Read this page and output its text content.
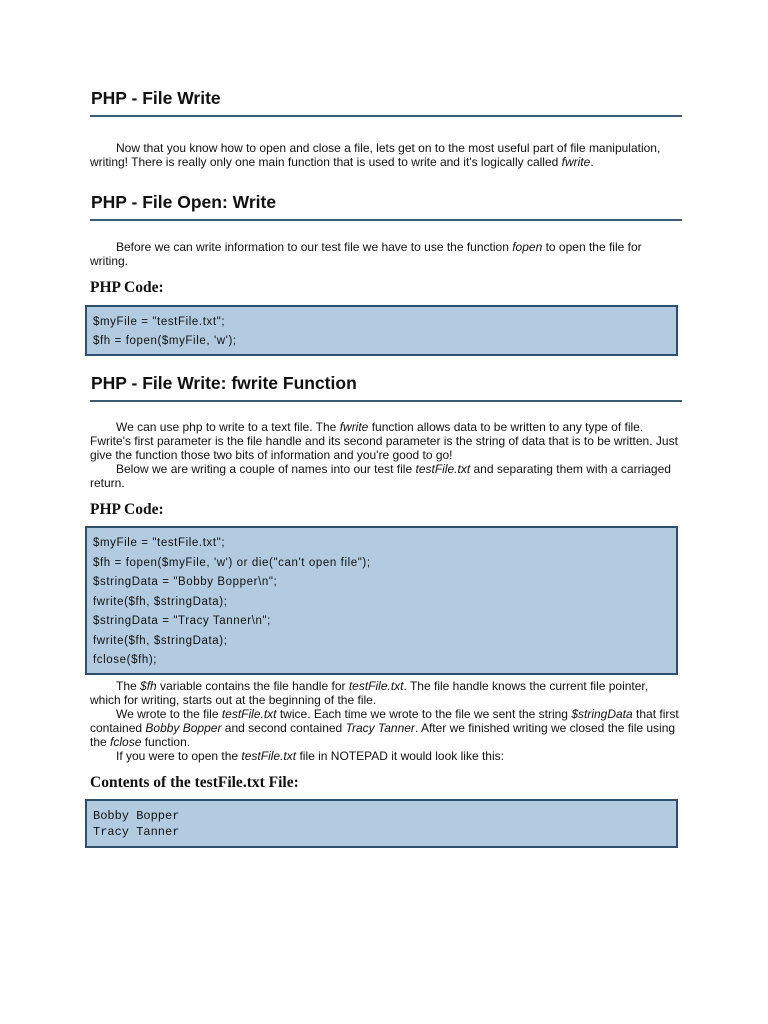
PHP - File Write

Now that you know how to open and close a file, lets get on to the most useful part of file manipulation, writing! There is really only one main function that is used to write and it's logically called fwrite.

PHP - File Open: Write

Before we can write information to our test file we have to use the function fopen to open the file for writing.

PHP Code:
$myFile = "testFile.txt";
$fh = fopen($myFile, 'w');
PHP - File Write: fwrite Function

We can use php to write to a text file. The fwrite function allows data to be written to any type of file. Fwrite's first parameter is the file handle and its second parameter is the string of data that is to be written. Just give the function those two bits of information and you're good to go!

Below we are writing a couple of names into our test file testFile.txt and separating them with a carriaged return.

PHP Code:
$myFile = "testFile.txt";
$fh = fopen($myFile, 'w') or die("can't open file");
$stringData = "Bobby Bopper\n";
fwrite($fh, $stringData);
$stringData = "Tracy Tanner\n";
fwrite($fh, $stringData);
fclose($fh);

The $fh variable contains the file handle for testFile.txt. The file handle knows the current file pointer, which for writing, starts out at the beginning of the file.

We wrote to the file testFile.txt twice. Each time we wrote to the file we sent the string $stringData that first contained Bobby Bopper and second contained Tracy Tanner. After we finished writing we closed the file using the fclose function.

If you were to open the testFile.txt file in NOTEPAD it would look like this:

Contents of the testFile.txt File:
Bobby Bopper
Tracy Tanner
